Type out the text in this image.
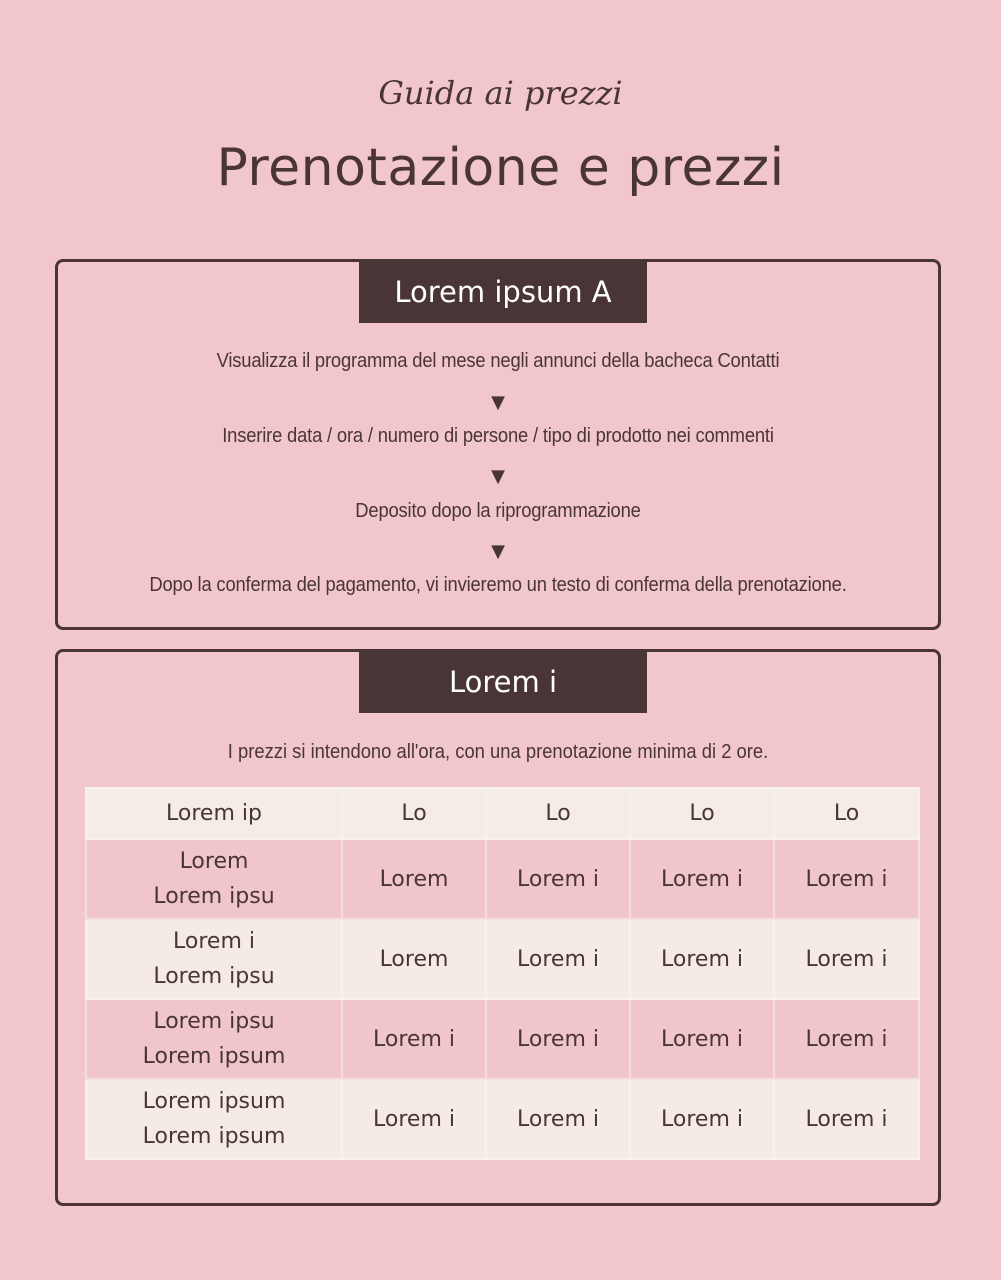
Guida ai prezzi
Prenotazione e prezzi
Lorem ipsum A
Visualizza il programma del mese negli annunci della bacheca Contatti
▼
Inserire data / ora / numero di persone / tipo di prodotto nei commenti
▼
Deposito dopo la riprogrammazione
▼
Dopo la conferma del pagamento, vi invieremo un testo di conferma della prenotazione.
Lorem i
I prezzi si intendono all'ora, con una prenotazione minima di 2 ore.
Lorem ip	Lo	Lo	Lo	Lo

Lorem
Lorem ipsu	Lorem	Lorem i	Lorem i	Lorem i

Lorem i
Lorem ipsu	Lorem	Lorem i	Lorem i	Lorem i

Lorem ipsu
Lorem ipsum	Lorem i	Lorem i	Lorem i	Lorem i

Lorem ipsum
Lorem ipsum	Lorem i	Lorem i	Lorem i	Lorem i
